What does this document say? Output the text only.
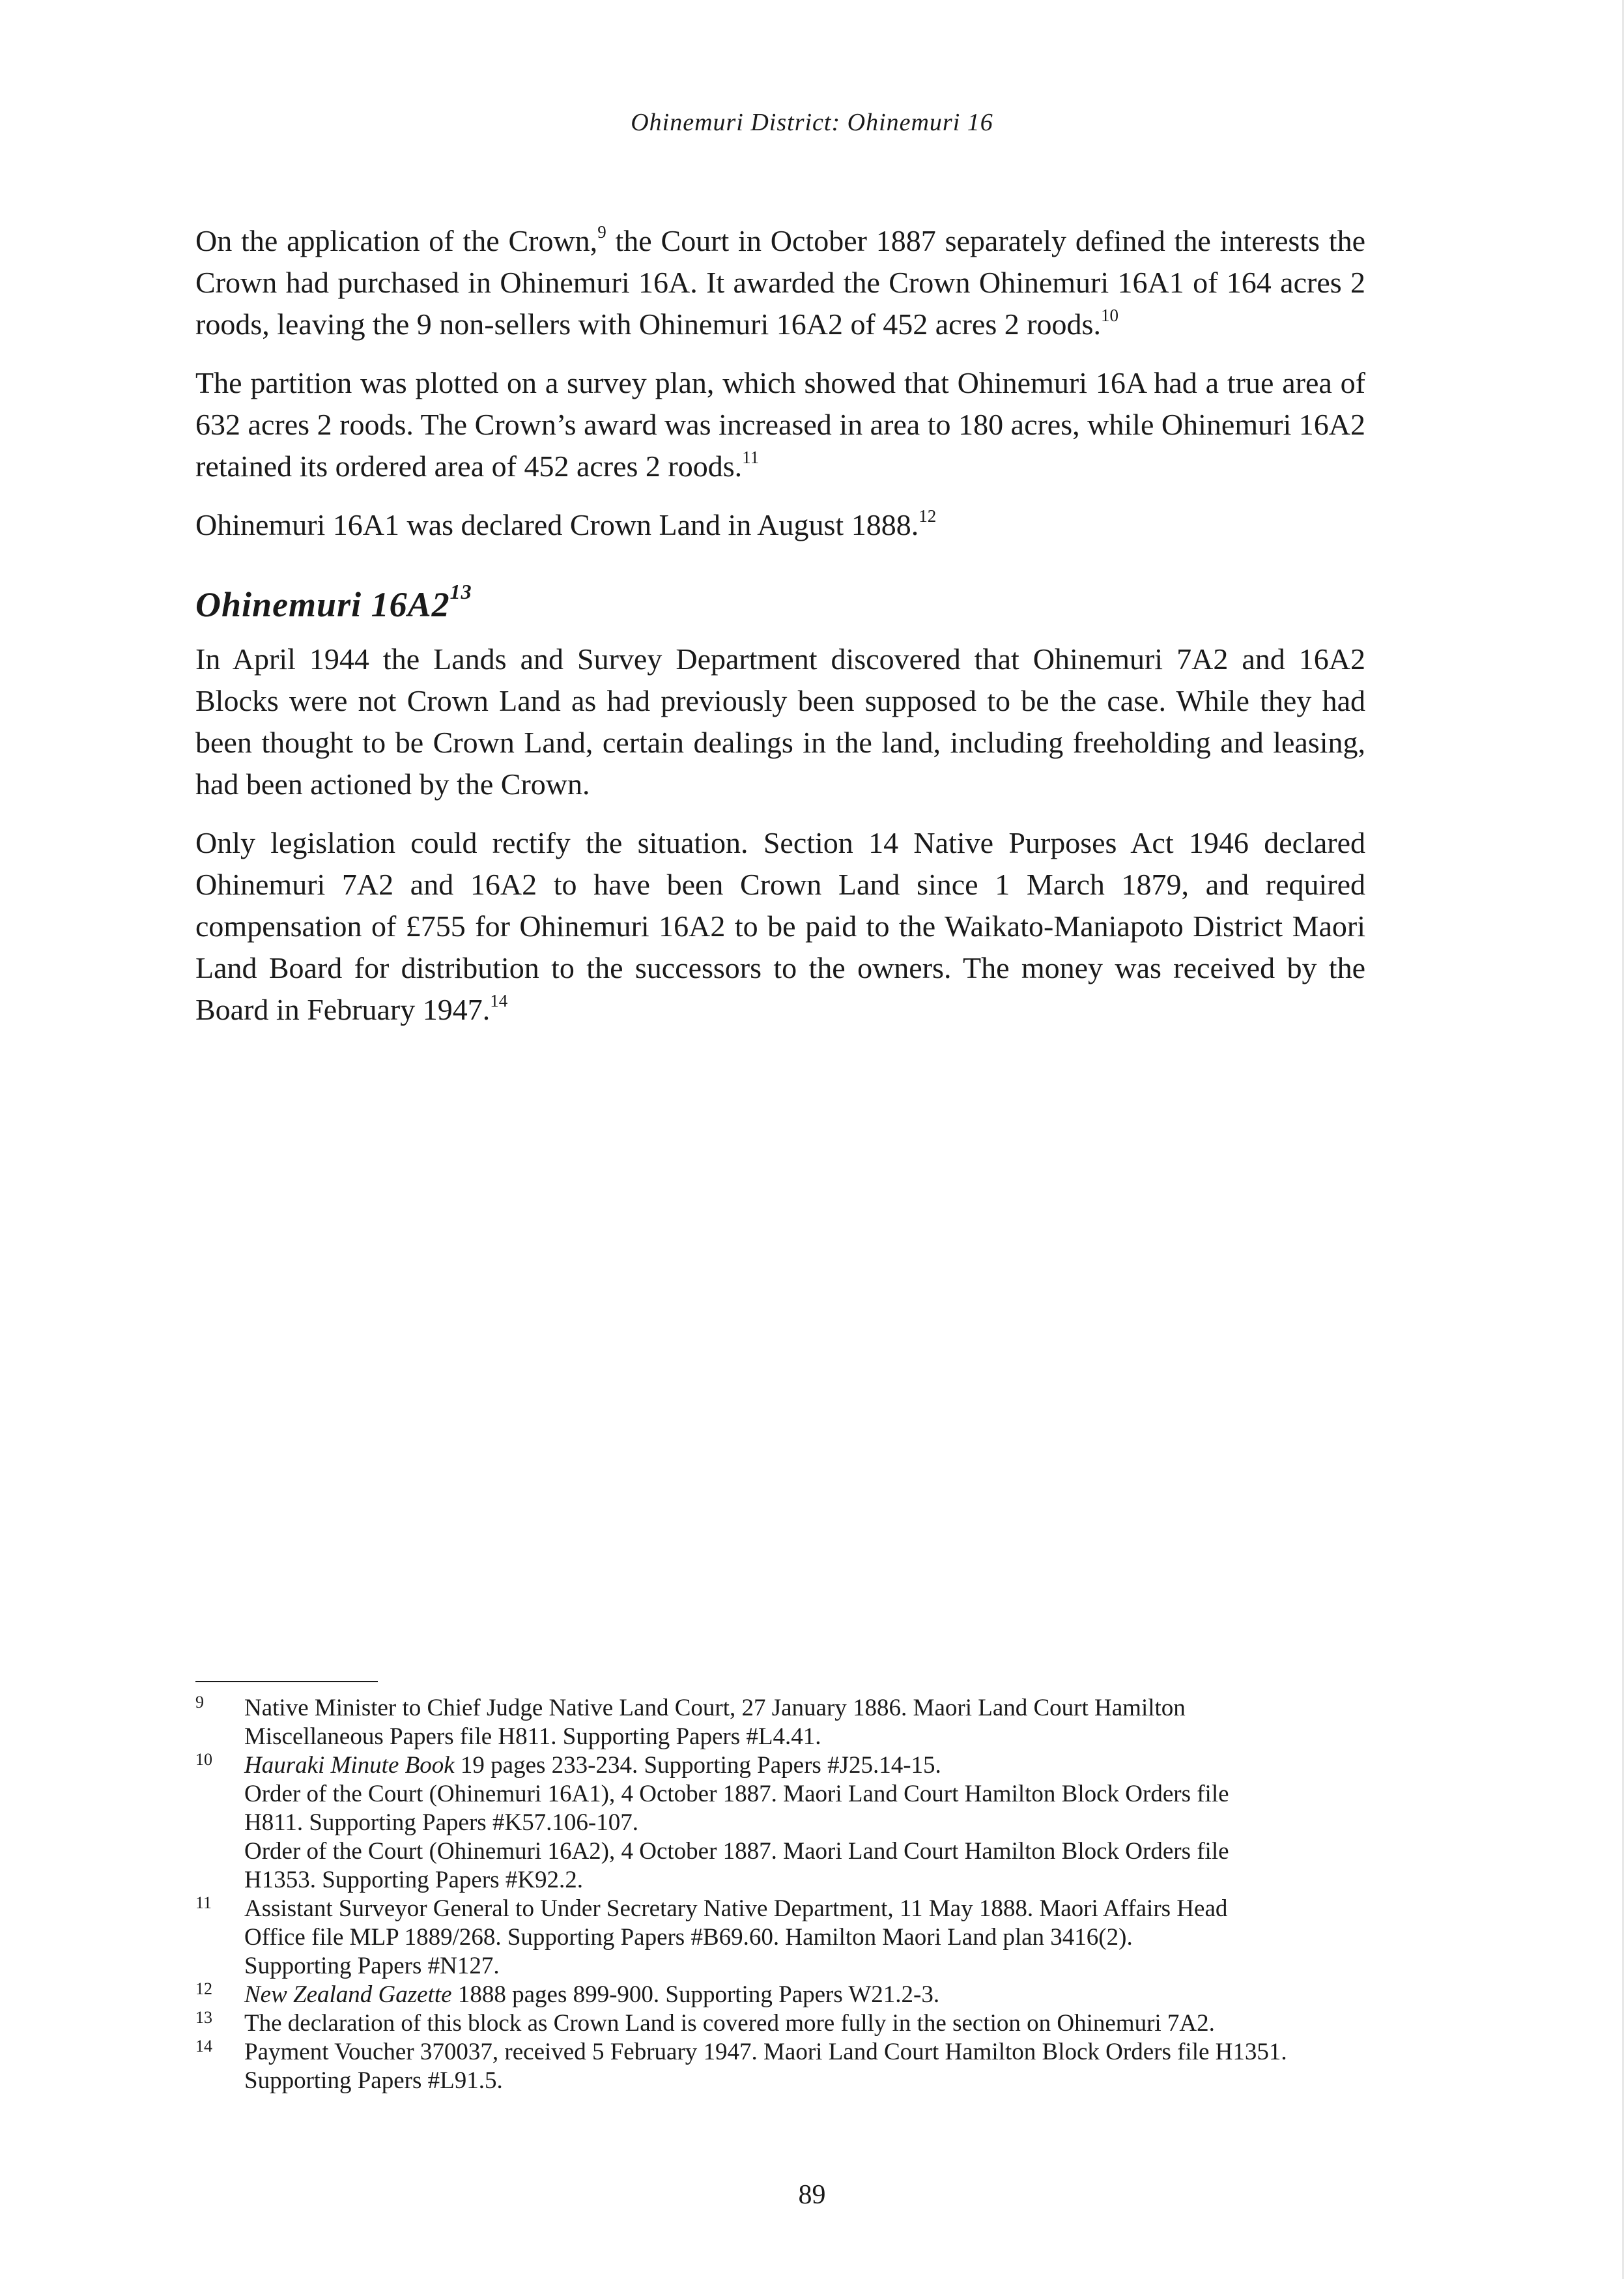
Ohinemuri District: Ohinemuri 16

On the application of the Crown,$^9$ the Court in October 1887 separately defined the interests the Crown had purchased in Ohinemuri 16A. It awarded the Crown Ohinemuri 16A1 of 164 acres 2 roods, leaving the 9 non-sellers with Ohinemuri 16A2 of 452 acres 2 roods.$^{10}$

The partition was plotted on a survey plan, which showed that Ohinemuri 16A had a true area of 632 acres 2 roods. The Crown’s award was increased in area to 180 acres, while Ohinemuri 16A2 retained its ordered area of 452 acres 2 roods.$^{11}$

Ohinemuri 16A1 was declared Crown Land in August 1888.12

Ohinemuri $16A2^{13}$

In April 1944 the Lands and Survey Department discovered that Ohinemuri 7A2 and 16A2 Blocks were not Crown Land as had previously been supposed to be the case. While they had been thought to be Crown Land, certain dealings in the land, including freeholding and leasing, had been actioned by the Crown.

Only legislation could rectify the situation. Section 14 Native Purposes Act 1946 declared Ohinemuri 7A2 and 16A2 to have been Crown Land since 1 March 1879, and required compensation of £755 for Ohinemuri 16A2 to be paid to the Waikato-Maniapoto District Maori Land Board for distribution to the successors to the owners. The money was received by the Board in February 1947.14

9 Native Minister to Chief Judge Native Land Court, 27 January 1886. Maori Land Court Hamilton
Miscellaneous Papers file H811. Supporting Papers #L4.41.
10 Hauraki Minute Book 19 pages 233-234. Supporting Papers #J25.14-15.
Order of the Court (Ohinemuri 16A1), 4 October 1887. Maori Land Court Hamilton Block Orders file
H811. Supporting Papers #K57.106-107.
Order of the Court (Ohinemuri 16A2), 4 October 1887. Maori Land Court Hamilton Block Orders file
H1353. Supporting Papers #K92.2.
11 Assistant Surveyor General to Under Secretary Native Department, 11 May 1888. Maori Affairs Head
Office file MLP 1889/268. Supporting Papers #B69.60. Hamilton Maori Land plan 3416(2).
Supporting Papers #N127.
12 New Zealand Gazette 1888 pages 899-900. Supporting Papers W21.2-3.
13 The declaration of this block as Crown Land is covered more fully in the section on Ohinemuri 7A2.
14 Payment Voucher 370037, received 5 February 1947. Maori Land Court Hamilton Block Orders file H1351.
Supporting Papers #L91.5.
89
